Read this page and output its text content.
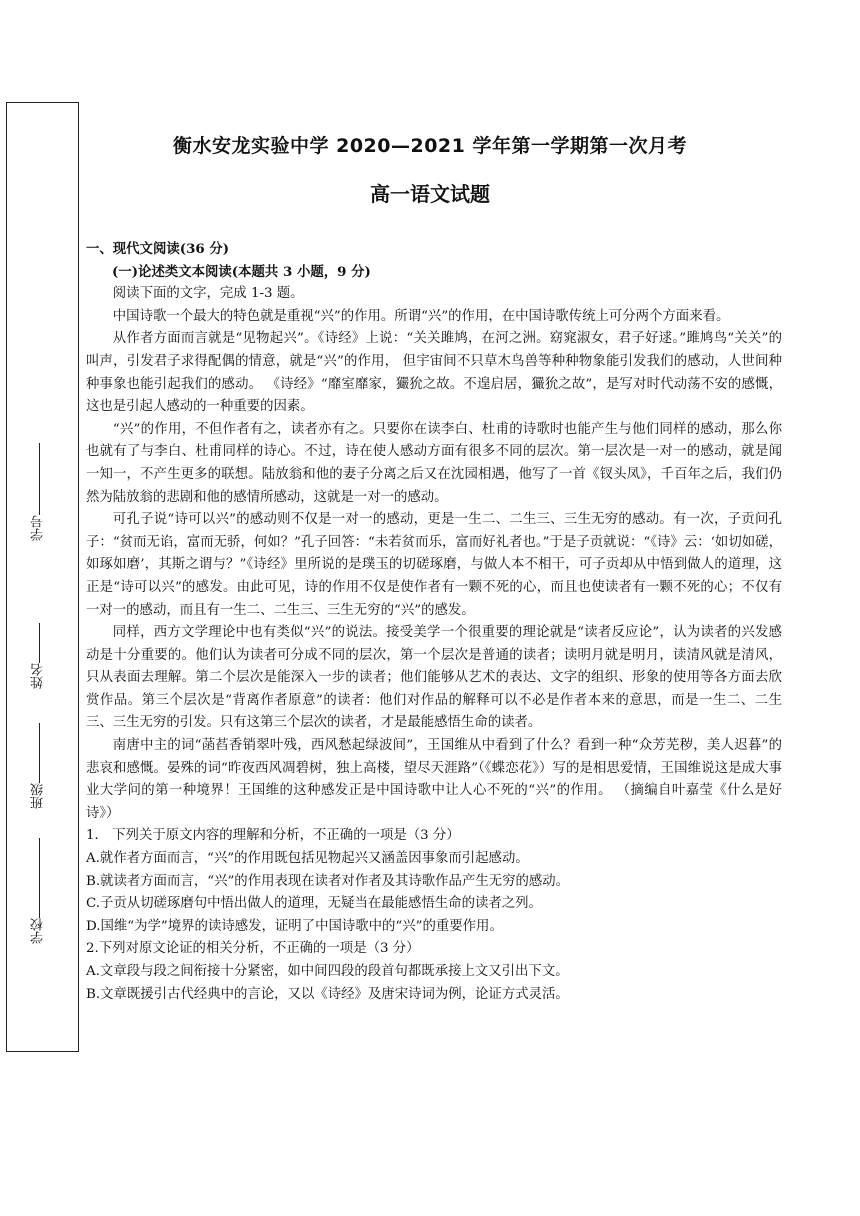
学号
姓名
班级
学校
衡水安龙实验中学 2020—2021 学年第一学期第一次月考
高一语文试题

一、现代文阅读(36 分)

(一)论述类文本阅读(本题共 3 小题，9 分)

阅读下面的文字，完成 1-3 题。

中国诗歌一个最大的特色就是重视“兴”的作用。所谓“兴”的作用，在中国诗歌传统上可分两个方面来看。

从作者方面而言就是“见物起兴”。《诗经》上说：“关关雎鸠，在河之洲。窈窕淑女，君子好逑。”雎鸠鸟“关关”的叫声，引发君子求得配偶的情意，就是“兴”的作用， 但宇宙间不只草木鸟兽等种种物象能引发我们的感动，人世间种种事象也能引起我们的感动。 《诗经》“靡室靡家，玁狁之故。不遑启居，玁狁之故”，是写对时代动荡不安的感慨，这也是引起人感动的一种重要的因素。

“兴”的作用，不但作者有之，读者亦有之。只要你在读李白、杜甫的诗歌时也能产生与他们同样的感动，那么你也就有了与李白、杜甫同样的诗心。不过，诗在使人感动方面有很多不同的层次。第一层次是一对一的感动，就是闻一知一，不产生更多的联想。陆放翁和他的妻子分离之后又在沈园相遇，他写了一首《钗头凤》，千百年之后，我们仍然为陆放翁的悲剧和他的感情所感动，这就是一对一的感动。

可孔子说“诗可以兴”的感动则不仅是一对一的感动，更是一生二、二生三、三生无穷的感动。有一次，子贡问孔子：“贫而无谄，富而无骄，何如？”孔子回答：“未若贫而乐，富而好礼者也。”于是子贡就说：“《诗》云：‘如切如磋，如琢如磨’，其斯之谓与？”《诗经》里所说的是璞玉的切磋琢磨，与做人本不相干，可子贡却从中悟到做人的道理，这正是“诗可以兴”的感发。由此可见，诗的作用不仅是使作者有一颗不死的心，而且也使读者有一颗不死的心；不仅有一对一的感动，而且有一生二、二生三、三生无穷的“兴”的感发。

同样，西方文学理论中也有类似“兴”的说法。接受美学一个很重要的理论就是“读者反应论”，认为读者的兴发感动是十分重要的。他们认为读者可分成不同的层次，第一个层次是普通的读者；读明月就是明月，读清风就是清风，只从表面去理解。第二个层次是能深入一步的读者；他们能够从艺术的表达、文字的组织、形象的使用等各方面去欣赏作品。第三个层次是“背离作者原意”的读者：他们对作品的解释可以不必是作者本来的意思，而是一生二、二生三、三生无穷的引发。只有这第三个层次的读者，才是最能感悟生命的读者。

南唐中主的词“菡萏香销翠叶残，西风愁起绿波间”，王国维从中看到了什么？看到一种“众芳芜秽，美人迟暮”的悲哀和感慨。晏殊的词“昨夜西风凋碧树，独上高楼，望尽天涯路”（《蝶恋花》）写的是相思爱情，王国维说这是成大事业大学问的第一种境界！王国维的这种感发正是中国诗歌中让人心不死的“兴”的作用。 （摘编自叶嘉莹《什么是好诗》）

1． 下列关于原文内容的理解和分析，不正确的一项是（3 分）

A.就作者方面而言，“兴”的作用既包括见物起兴又涵盖因事象而引起感动。

B.就读者方面而言，“兴”的作用表现在读者对作者及其诗歌作品产生无穷的感动。

C.子贡从切磋琢磨句中悟出做人的道理，无疑当在最能感悟生命的读者之列。

D.国维“为学”境界的读诗感发，证明了中国诗歌中的“兴”的重要作用。

2.下列对原文论证的相关分析，不正确的一项是（3 分）

A.文章段与段之间衔接十分紧密，如中间四段的段首句都既承接上文又引出下文。

B.文章既援引古代经典中的言论，又以《诗经》及唐宋诗词为例，论证方式灵活。
